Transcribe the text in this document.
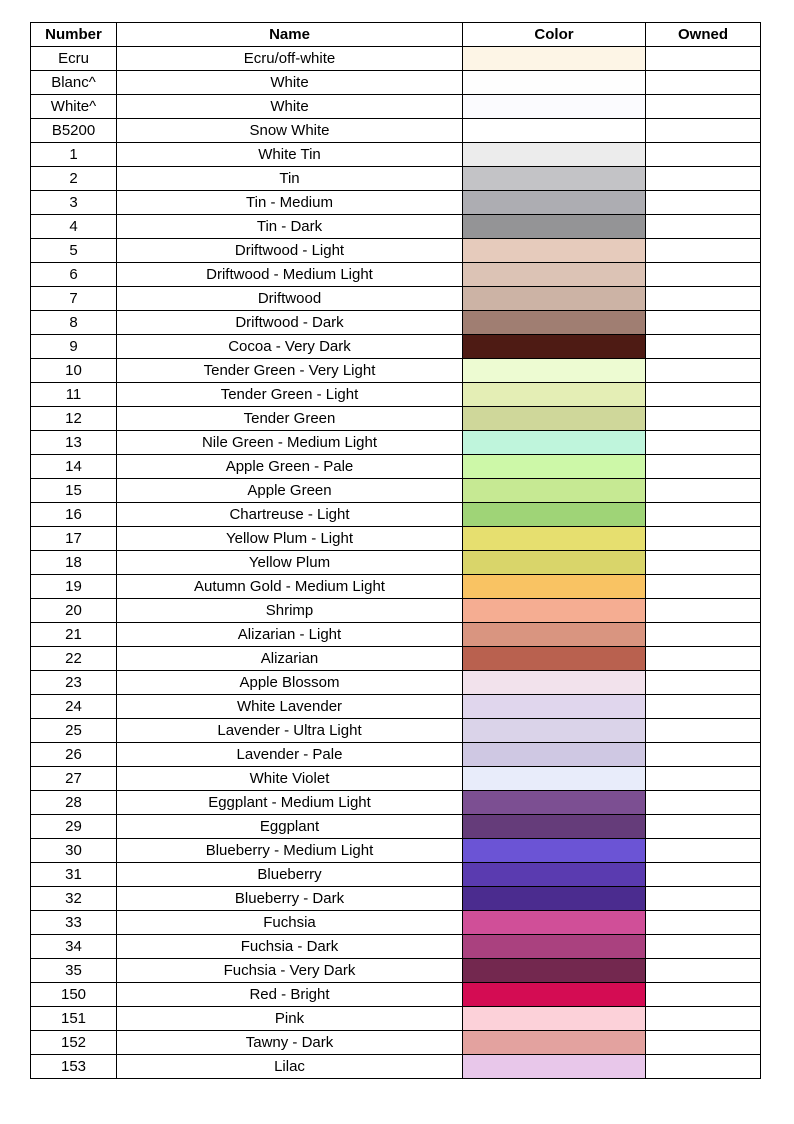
Number	Name	Color	Owned
Ecru	Ecru/off-white		
Blanc^	White		
White^	White		
B5200	Snow White		
1	White Tin		
2	Tin		
3	Tin - Medium		
4	Tin - Dark		
5	Driftwood - Light		
6	Driftwood - Medium Light		
7	Driftwood		
8	Driftwood - Dark		
9	Cocoa - Very Dark		
10	Tender Green - Very Light		
11	Tender Green - Light		
12	Tender Green		
13	Nile Green - Medium Light		
14	Apple Green - Pale		
15	Apple Green		
16	Chartreuse - Light		
17	Yellow Plum - Light		
18	Yellow Plum		
19	Autumn Gold - Medium Light		
20	Shrimp		
21	Alizarian - Light		
22	Alizarian		
23	Apple Blossom		
24	White Lavender		
25	Lavender - Ultra Light		
26	Lavender - Pale		
27	White Violet		
28	Eggplant - Medium Light		
29	Eggplant		
30	Blueberry - Medium Light		
31	Blueberry		
32	Blueberry - Dark		
33	Fuchsia		
34	Fuchsia - Dark		
35	Fuchsia - Very Dark		
150	Red - Bright		
151	Pink		
152	Tawny - Dark		
153	Lilac		
